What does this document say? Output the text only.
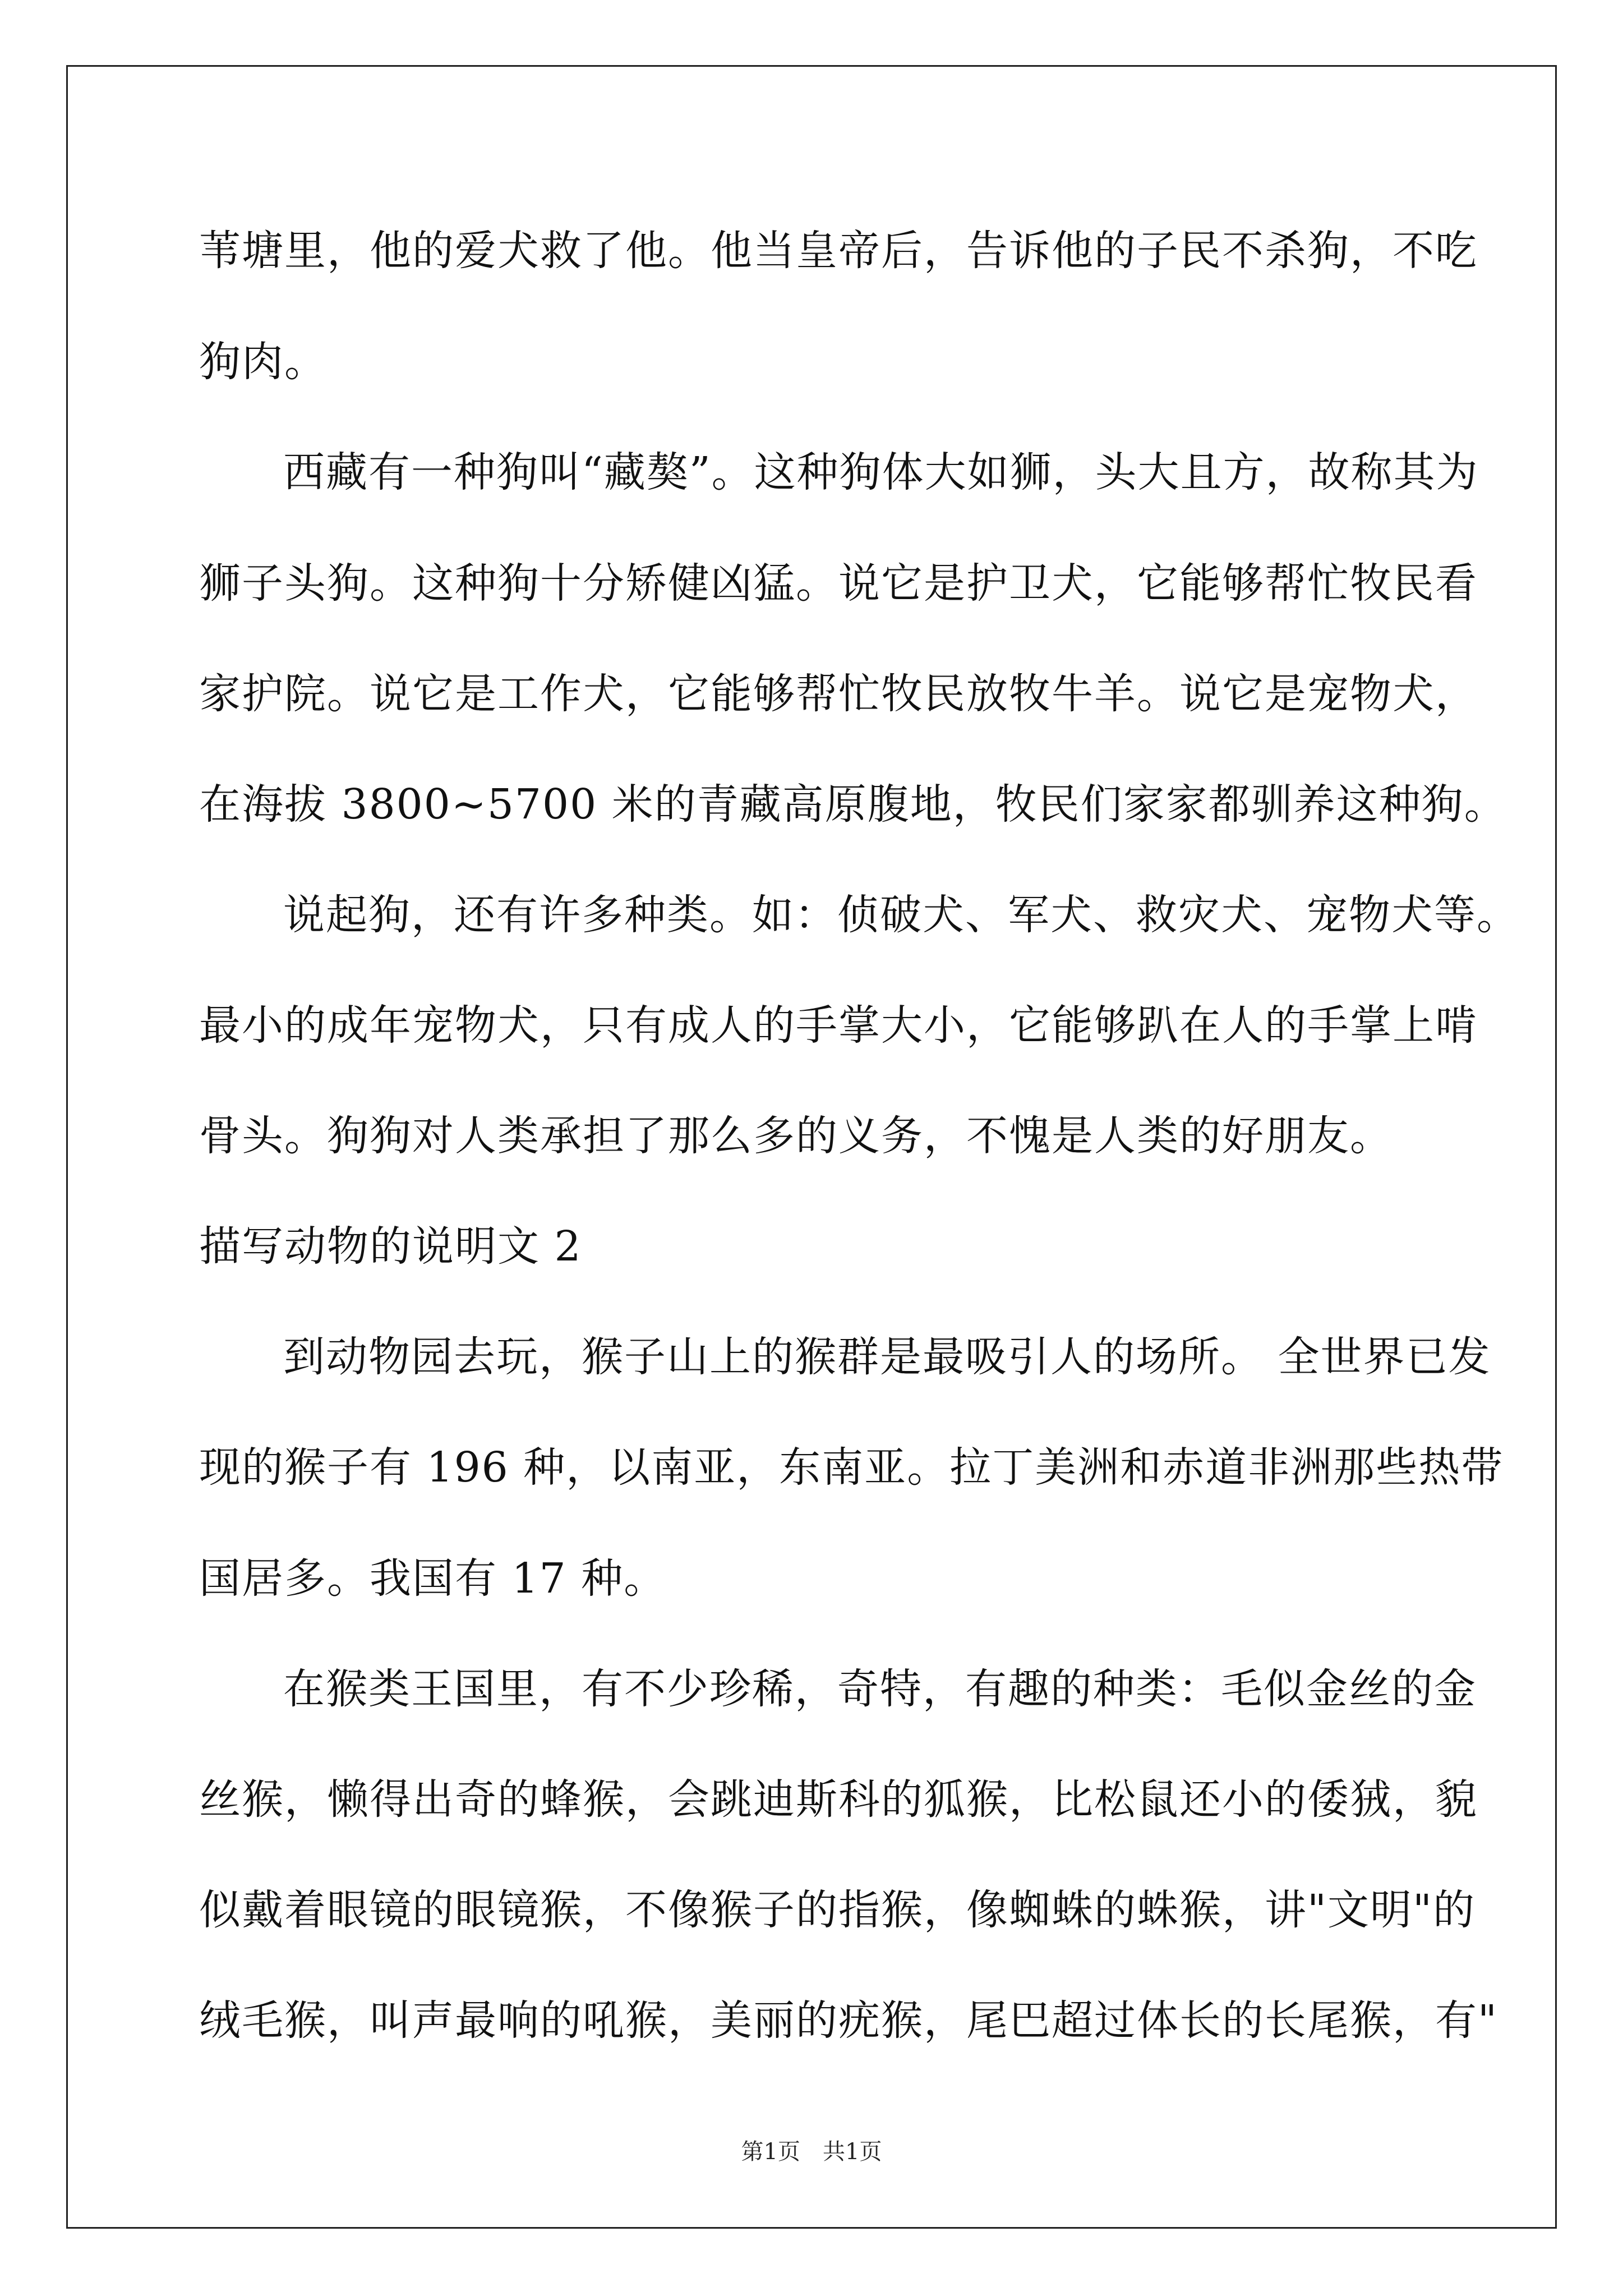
苇塘里，他的爱犬救了他。他当皇帝后，告诉他的子民不杀狗，不吃

狗肉。

西藏有一种狗叫“藏獒”。这种狗体大如狮，头大且方，故称其为

狮子头狗。这种狗十分矫健凶猛。说它是护卫犬，它能够帮忙牧民看

家护院。说它是工作犬，它能够帮忙牧民放牧牛羊。说它是宠物犬，

在海拔 3800~5700 米的青藏高原腹地，牧民们家家都驯养这种狗。

说起狗，还有许多种类。如：侦破犬、军犬、救灾犬、宠物犬等。

最小的成年宠物犬，只有成人的手掌大小，它能够趴在人的手掌上啃

骨头。狗狗对人类承担了那么多的义务，不愧是人类的好朋友。

描写动物的说明文 2

到动物园去玩，猴子山上的猴群是最吸引人的场所。 全世界已发

现的猴子有 196 种，以南亚，东南亚。拉丁美洲和赤道非洲那些热带

国居多。我国有 17 种。

在猴类王国里，有不少珍稀，奇特，有趣的种类：毛似金丝的金

丝猴，懒得出奇的蜂猴，会跳迪斯科的狐猴，比松鼠还小的倭狨，貌

似戴着眼镜的眼镜猴，不像猴子的指猴，像蜘蛛的蛛猴，讲"文明"的

绒毛猴，叫声最响的吼猴，美丽的疣猴，尾巴超过体长的长尾猴，有"

第1页　共1页
